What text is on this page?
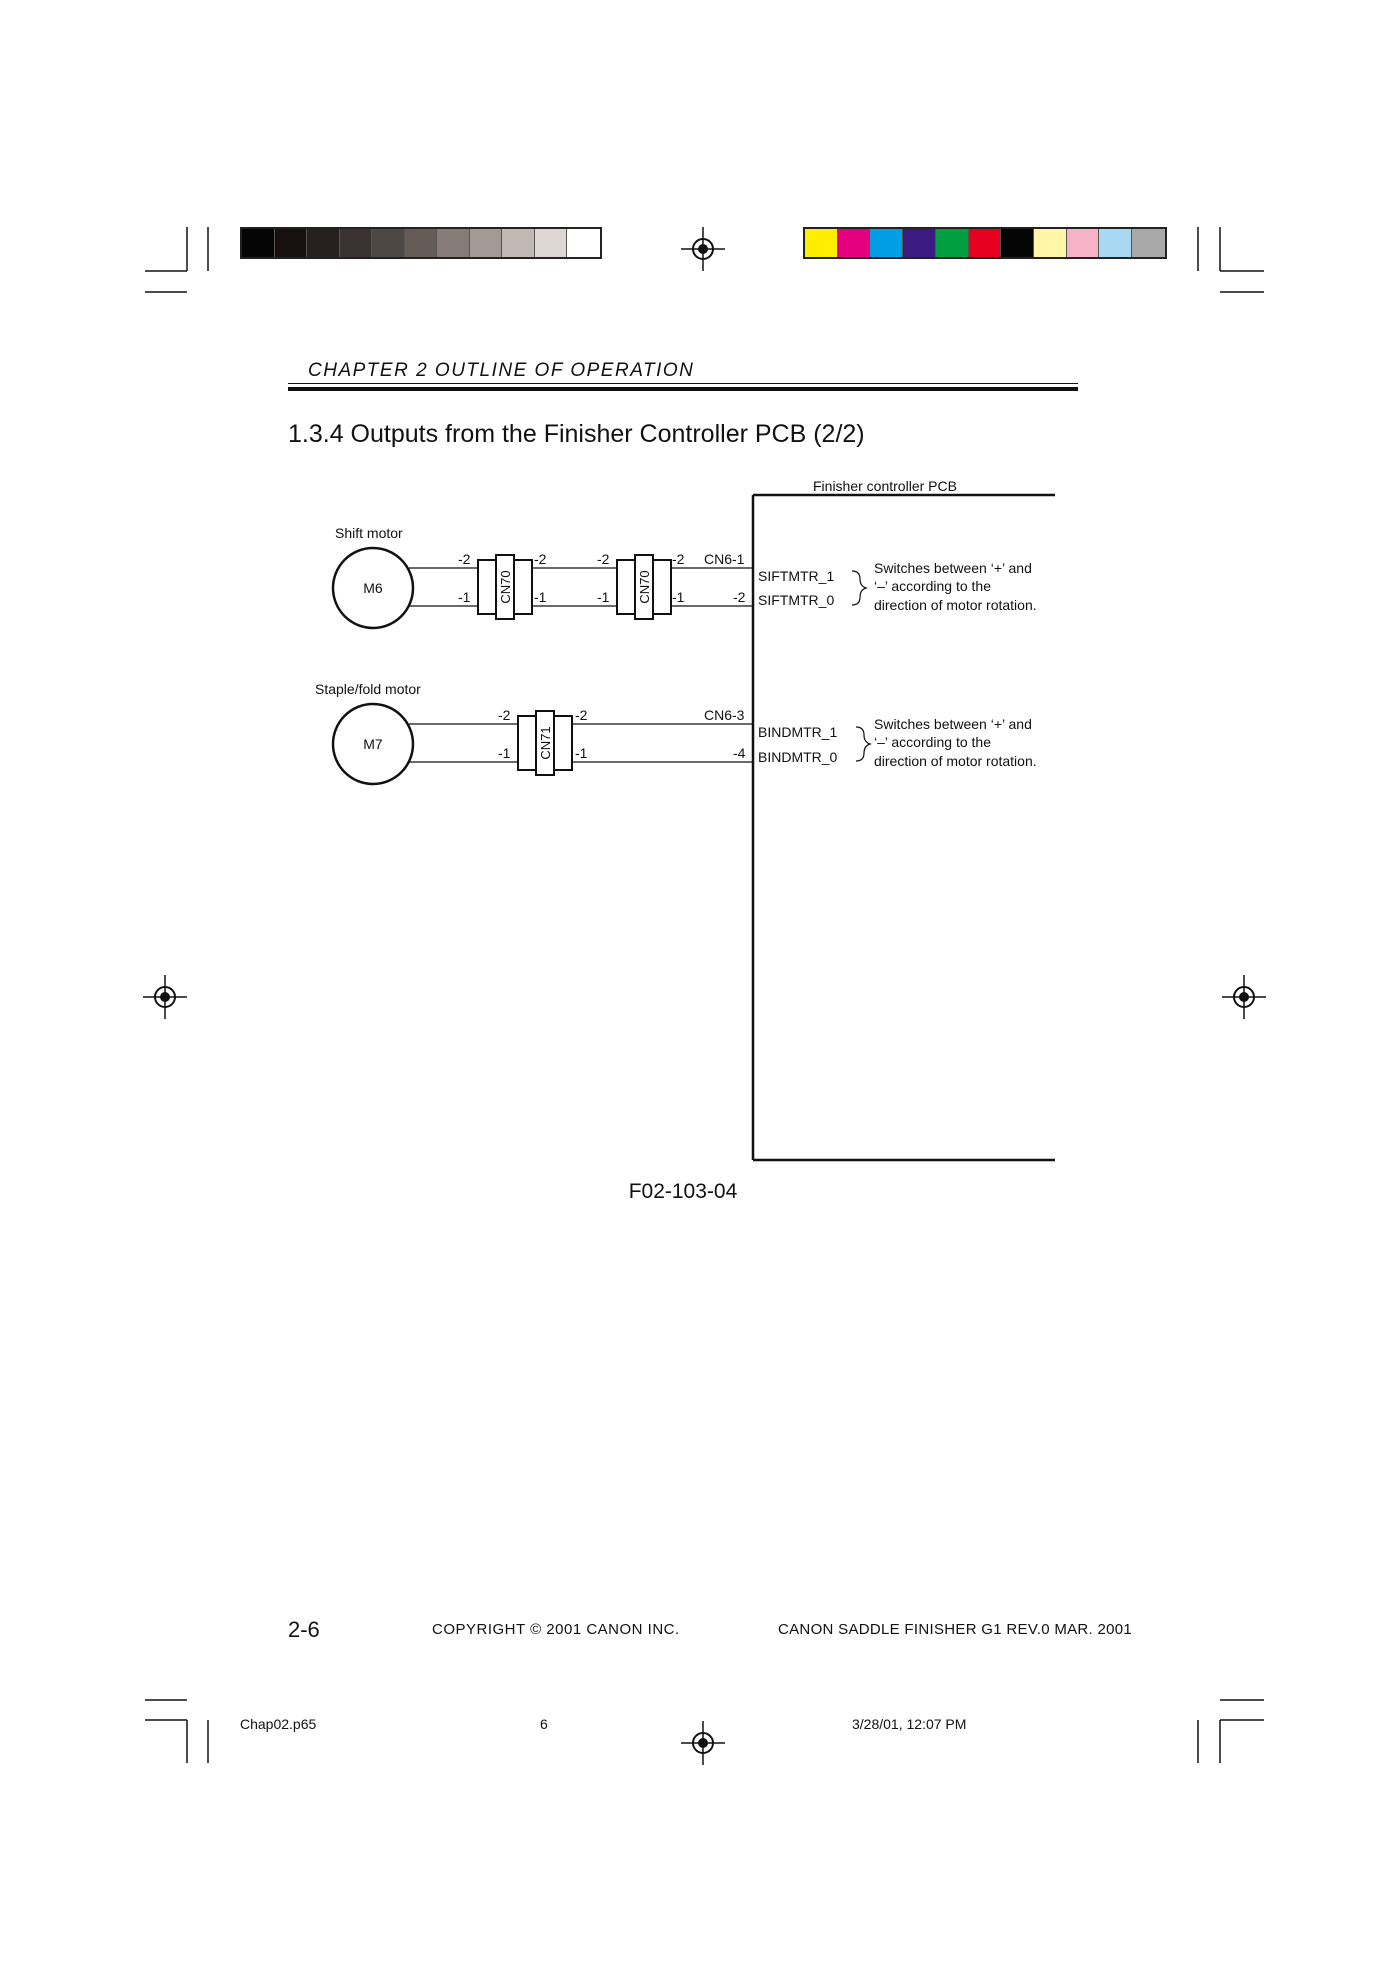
CHAPTER 2 OUTLINE OF OPERATION
1.3.4 Outputs from the Finisher Controller PCB (2/2)
Finisher controller PCB
Shift motor
M6	CN70	CN70
-2
-1
-2
-1
-2
-1
-2
-1
CN6-1
-2
SIFTMTR_1
SIFTMTR_0
Switches between ‘+’ and ‘–’ according to the direction of motor rotation.
Staple/fold motor
M7	CN71
-2
-1
-2
-1
CN6-3
-4
BINDMTR_1
BINDMTR_0
Switches between ‘+’ and ‘–’ according to the direction of motor rotation.
F02-103-04
2-6	COPYRIGHT © 2001 CANON INC.	CANON SADDLE FINISHER G1 REV.0 MAR. 2001
Chap02.p65	6	3/28/01, 12:07 PM
